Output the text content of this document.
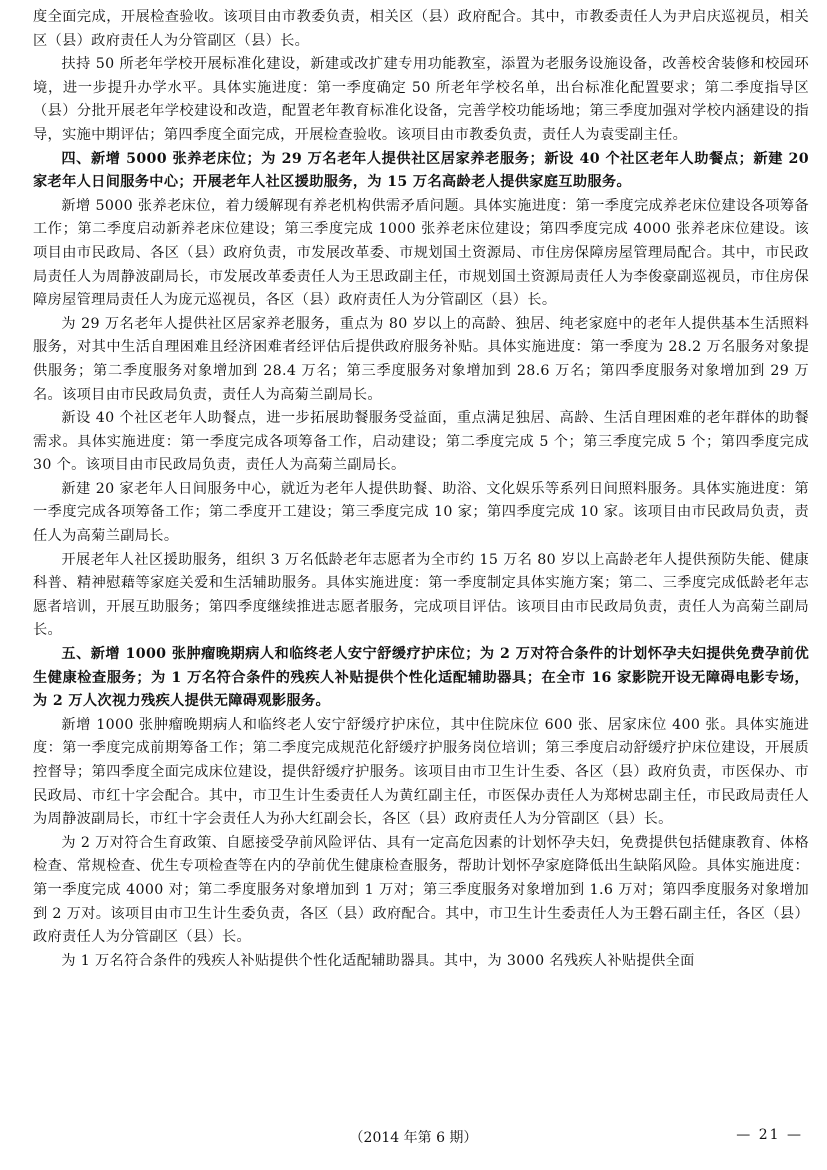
度全面完成，开展检查验收。该项目由市教委负责，相关区（县）政府配合。其中，市教委责任人为尹启庆巡视员，相关区（县）政府责任人为分管副区（县）长。

扶持 50 所老年学校开展标准化建设，新建或改扩建专用功能教室，添置为老服务设施设备，改善校舍装修和校园环境，进一步提升办学水平。具体实施进度：第一季度确定 50 所老年学校名单，出台标准化配置要求；第二季度指导区（县）分批开展老年学校建设和改造，配置老年教育标准化设备，完善学校功能场地；第三季度加强对学校内涵建设的指导，实施中期评估；第四季度全面完成，开展检查验收。该项目由市教委负责，责任人为袁雯副主任。

四、新增 5000 张养老床位；为 29 万名老年人提供社区居家养老服务；新设 40 个社区老年人助餐点；新建 20 家老年人日间服务中心；开展老年人社区援助服务，为 15 万名高龄老人提供家庭互助服务。

新增 5000 张养老床位，着力缓解现有养老机构供需矛盾问题。具体实施进度：第一季度完成养老床位建设各项筹备工作；第二季度启动新养老床位建设；第三季度完成 1000 张养老床位建设；第四季度完成 4000 张养老床位建设。该项目由市民政局、各区（县）政府负责，市发展改革委、市规划国土资源局、市住房保障房屋管理局配合。其中，市民政局责任人为周静波副局长，市发展改革委责任人为王思政副主任，市规划国土资源局责任人为李俊豪副巡视员，市住房保障房屋管理局责任人为庞元巡视员，各区（县）政府责任人为分管副区（县）长。

为 29 万名老年人提供社区居家养老服务，重点为 80 岁以上的高龄、独居、纯老家庭中的老年人提供基本生活照料服务，对其中生活自理困难且经济困难者经评估后提供政府服务补贴。具体实施进度：第一季度为 28.2 万名服务对象提供服务；第二季度服务对象增加到 28.4 万名；第三季度服务对象增加到 28.6 万名；第四季度服务对象增加到 29 万名。该项目由市民政局负责，责任人为高菊兰副局长。

新设 40 个社区老年人助餐点，进一步拓展助餐服务受益面，重点满足独居、高龄、生活自理困难的老年群体的助餐需求。具体实施进度：第一季度完成各项筹备工作，启动建设；第二季度完成 5 个；第三季度完成 5 个；第四季度完成 30 个。该项目由市民政局负责，责任人为高菊兰副局长。

新建 20 家老年人日间服务中心，就近为老年人提供助餐、助浴、文化娱乐等系列日间照料服务。具体实施进度：第一季度完成各项筹备工作；第二季度开工建设；第三季度完成 10 家；第四季度完成 10 家。该项目由市民政局负责，责任人为高菊兰副局长。

开展老年人社区援助服务，组织 3 万名低龄老年志愿者为全市约 15 万名 80 岁以上高龄老年人提供预防失能、健康科普、精神慰藉等家庭关爱和生活辅助服务。具体实施进度：第一季度制定具体实施方案；第二、三季度完成低龄老年志愿者培训，开展互助服务；第四季度继续推进志愿者服务，完成项目评估。该项目由市民政局负责，责任人为高菊兰副局长。

五、新增 1000 张肿瘤晚期病人和临终老人安宁舒缓疗护床位；为 2 万对符合条件的计划怀孕夫妇提供免费孕前优生健康检查服务；为 1 万名符合条件的残疾人补贴提供个性化适配辅助器具；在全市 16 家影院开设无障碍电影专场，为 2 万人次视力残疾人提供无障碍观影服务。

新增 1000 张肿瘤晚期病人和临终老人安宁舒缓疗护床位，其中住院床位 600 张、居家床位 400 张。具体实施进度：第一季度完成前期筹备工作；第二季度完成规范化舒缓疗护服务岗位培训；第三季度启动舒缓疗护床位建设，开展质控督导；第四季度全面完成床位建设，提供舒缓疗护服务。该项目由市卫生计生委、各区（县）政府负责，市医保办、市民政局、市红十字会配合。其中，市卫生计生委责任人为黄红副主任，市医保办责任人为郑树忠副主任，市民政局责任人为周静波副局长，市红十字会责任人为孙大红副会长，各区（县）政府责任人为分管副区（县）长。

为 2 万对符合生育政策、自愿接受孕前风险评估、具有一定高危因素的计划怀孕夫妇，免费提供包括健康教育、体格检查、常规检查、优生专项检查等在内的孕前优生健康检查服务，帮助计划怀孕家庭降低出生缺陷风险。具体实施进度：第一季度完成 4000 对；第二季度服务对象增加到 1 万对；第三季度服务对象增加到 1.6 万对；第四季度服务对象增加到 2 万对。该项目由市卫生计生委负责，各区（县）政府配合。其中，市卫生计生委责任人为王磐石副主任，各区（县）政府责任人为分管副区（县）长。

为 1 万名符合条件的残疾人补贴提供个性化适配辅助器具。其中，为 3000 名残疾人补贴提供全面

（2014 年第 6 期）	— 21 —
